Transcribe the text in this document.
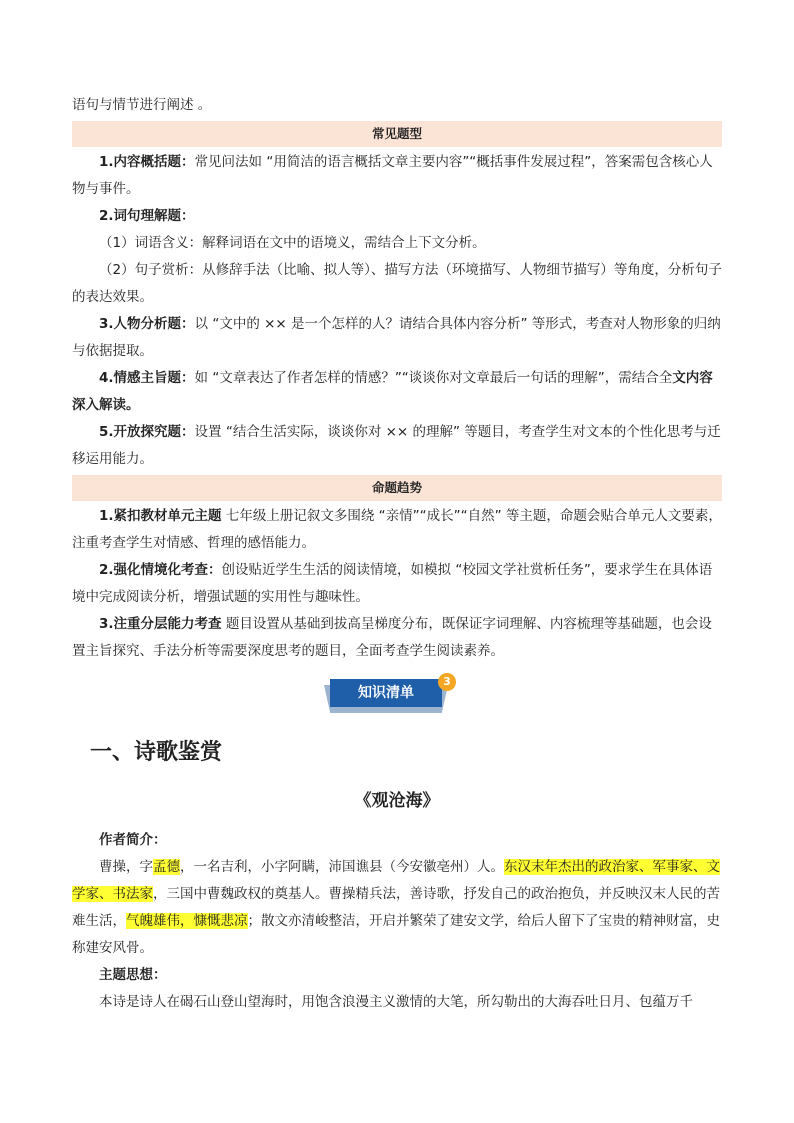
语句与情节进行阐述 。

常见题型

1.内容概括题：常见问法如 “用简洁的语言概括文章主要内容”“概括事件发展过程”，答案需包含核心人物与事件。

2.词句理解题：

（1）词语含义：解释词语在文中的语境义，需结合上下文分析。

（2）句子赏析：从修辞手法（比喻、拟人等）、描写方法（环境描写、人物细节描写）等角度，分析句子的表达效果。

3.人物分析题：以 “文中的 ×× 是一个怎样的人？请结合具体内容分析” 等形式，考查对人物形象的归纳与依据提取。

4.情感主旨题：如 “文章表达了作者怎样的情感？”“谈谈你对文章最后一句话的理解”，需结合全文内容深入解读。

5.开放探究题：设置 “结合生活实际，谈谈你对 ×× 的理解” 等题目，考查学生对文本的个性化思考与迁移运用能力。

命题趋势

1.紧扣教材单元主题 七年级上册记叙文多围绕 “亲情”“成长”“自然” 等主题，命题会贴合单元人文要素，注重考查学生对情感、哲理的感悟能力。

2.强化情境化考查：创设贴近学生生活的阅读情境，如模拟 “校园文学社赏析任务”，要求学生在具体语境中完成阅读分析，增强试题的实用性与趣味性。

3.注重分层能力考查 题目设置从基础到拔高呈梯度分布，既保证字词理解、内容梳理等基础题，也会设置主旨探究、手法分析等需要深度思考的题目，全面考查学生阅读素养。

知识清单
3
一、诗歌鉴赏
《观沧海》

作者简介：

曹操，字孟德，一名吉利，小字阿瞒，沛国谯县（今安徽亳州）人。东汉末年杰出的政治家、军事家、文学家、书法家，三国中曹魏政权的奠基人。曹操精兵法，善诗歌，抒发自己的政治抱负，并反映汉末人民的苦难生活，气魄雄伟，慷慨悲凉；散文亦清峻整洁，开启并繁荣了建安文学，给后人留下了宝贵的精神财富，史称建安风骨。

主题思想：

本诗是诗人在碣石山登山望海时，用饱含浪漫主义激情的大笔，所勾勒出的大海吞吐日月、包蕴万千
